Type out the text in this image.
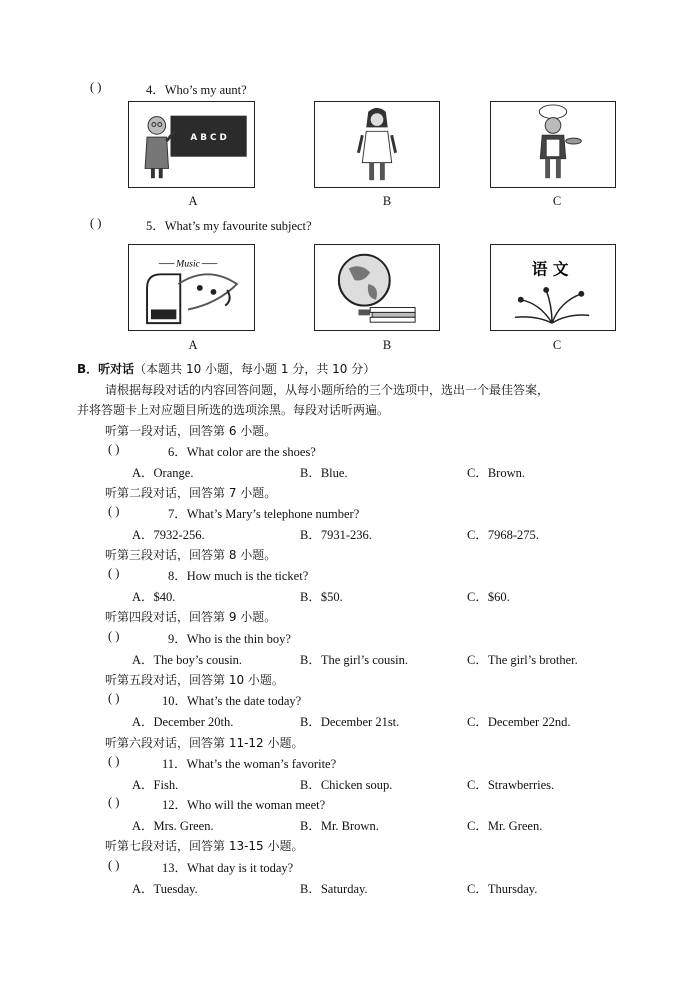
( )	4．Who’s my aunt?
A B C D
A	B	C
( )	5．What’s my favourite subject?
Music	语 文
A	B	C
B．听对话（本题共 10 小题，每小题 1 分，共 10 分）
请根据每段对话的内容回答问题，从每小题所给的三个选项中，选出一个最佳答案，
并将答题卡上对应题目所选的选项涂黑。每段对话听两遍。
听第一段对话，回答第 6 小题。
( )	6．What color are the shoes?
A．Orange.	B．Blue.	C．Brown.
听第二段对话，回答第 7 小题。
( )	7．What’s Mary’s telephone number?
A．7932-256.	B．7931-236.	C．7968-275.
听第三段对话，回答第 8 小题。
( )	8．How much is the ticket?
A．$40.	B．$50.	C．$60.
听第四段对话，回答第 9 小题。
( )	9．Who is the thin boy?
A．The boy’s cousin.	B．The girl’s cousin.	C．The girl’s brother.
听第五段对话，回答第 10 小题。
( )	10．What’s the date today?
A．December 20th.	B．December 21st.	C．December 22nd.
听第六段对话，回答第 11-12 小题。
( )	11．What’s the woman’s favorite?
A．Fish.	B．Chicken soup.	C．Strawberries.
( )	12．Who will the woman meet?
A．Mrs. Green.	B．Mr. Brown.	C．Mr. Green.
听第七段对话，回答第 13-15 小题。
( )	13．What day is it today?
A．Tuesday.	B．Saturday.	C．Thursday.
